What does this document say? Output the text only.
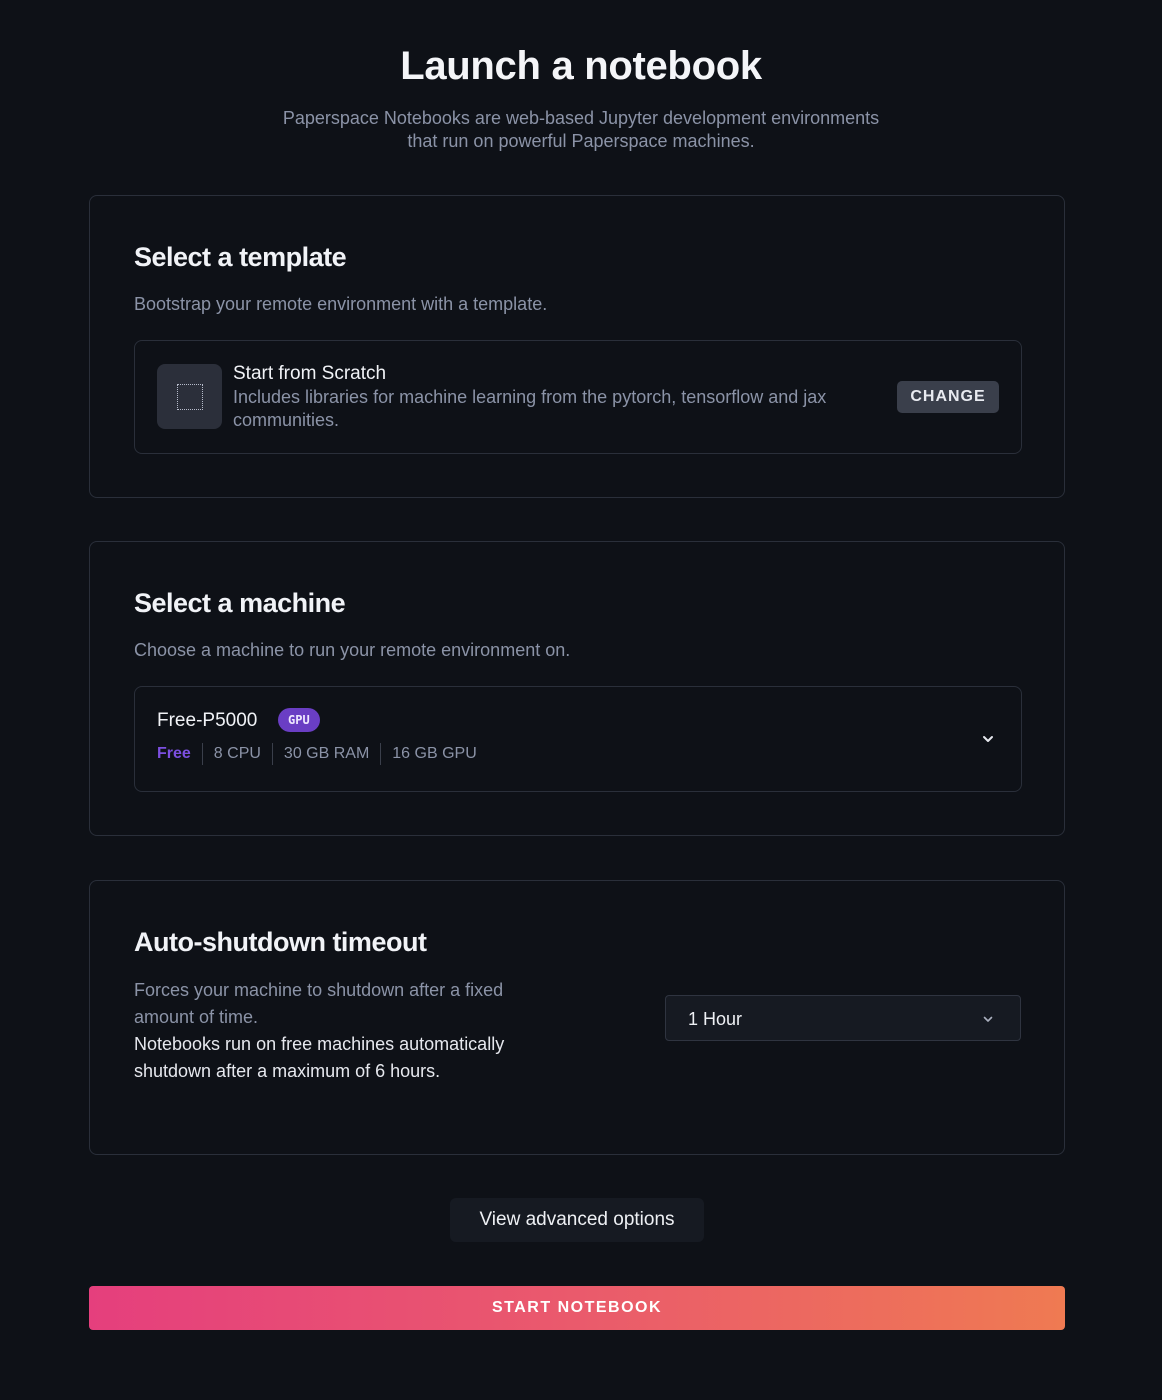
Launch a notebook

Paperspace Notebooks are web-based Jupyter development environments that run on powerful Paperspace machines.

Select a template

Bootstrap your remote environment with a template.

Start from Scratch
Includes libraries for machine learning from the pytorch, tensorflow and jax communities.
CHANGE
Select a machine

Choose a machine to run your remote environment on.

Free-P5000	GPU
Free	8 CPU	30 GB RAM	16 GB GPU
Auto-shutdown timeout

Forces your machine to shutdown after a fixed amount of time.

Notebooks run on free machines automatically shutdown after a maximum of 6 hours.

1 Hour
View advanced options
START NOTEBOOK
